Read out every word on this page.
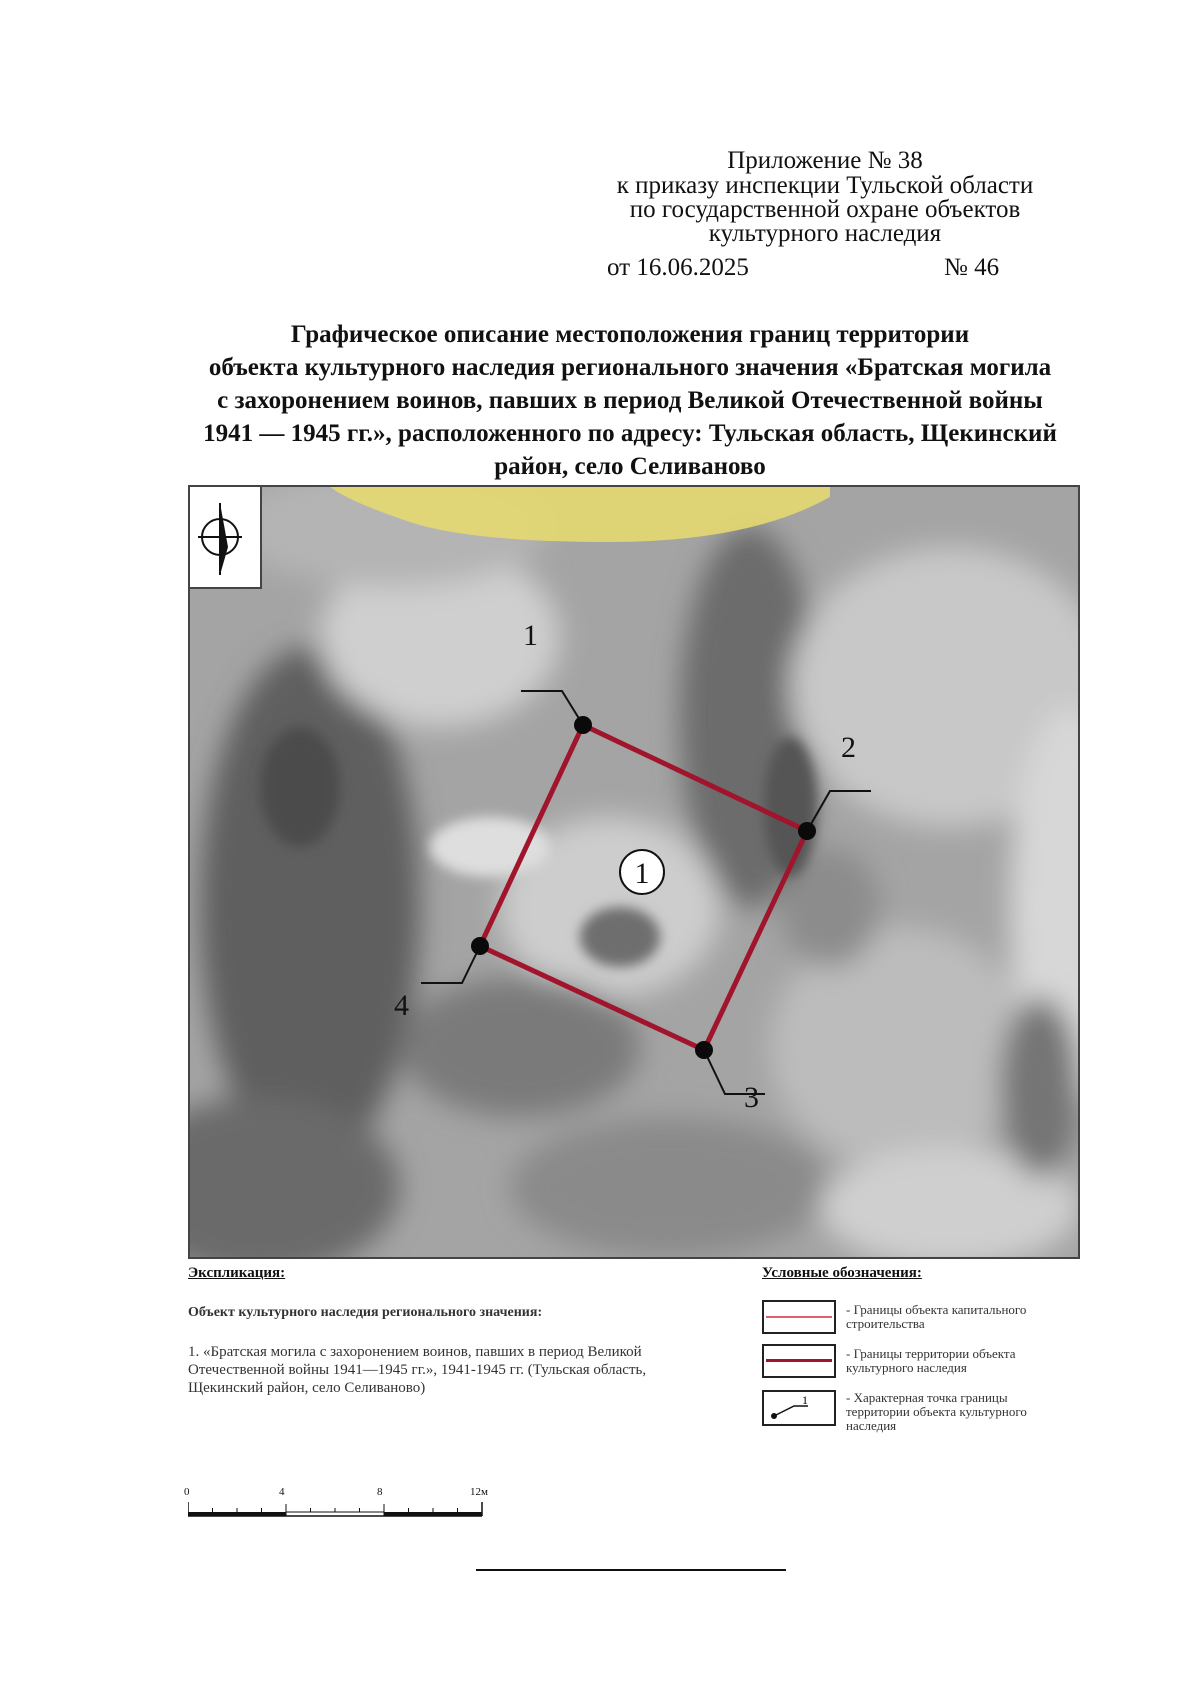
Приложение № 38
к приказу инспекции Тульской области
по государственной охране объектов
культурного наследия
от 16.06.2025	№ 46
Графическое описание местоположения границ территории
объекта культурного наследия регионального значения «Братская могила
с захоронением воинов, павших в период Великой Отечественной войны
1941 — 1945 гг.», расположенного по адресу: Тульская область, Щекинский
район, село Селиваново
1
2
3
4
1
Экспликация:
Объект культурного наследия регионального значения:
1. «Братская могила с захоронением воинов, павших в период Великой Отечественной войны 1941—1945 гг.», 1941-1945 гг. (Тульская область, Щекинский район, село Селиваново)
Условные обозначения:
- Границы объекта капитального строительства
- Границы территории объекта культурного наследия
1	- Характерная точка границы территории объекта культурного наследия
0	4	8	12м
